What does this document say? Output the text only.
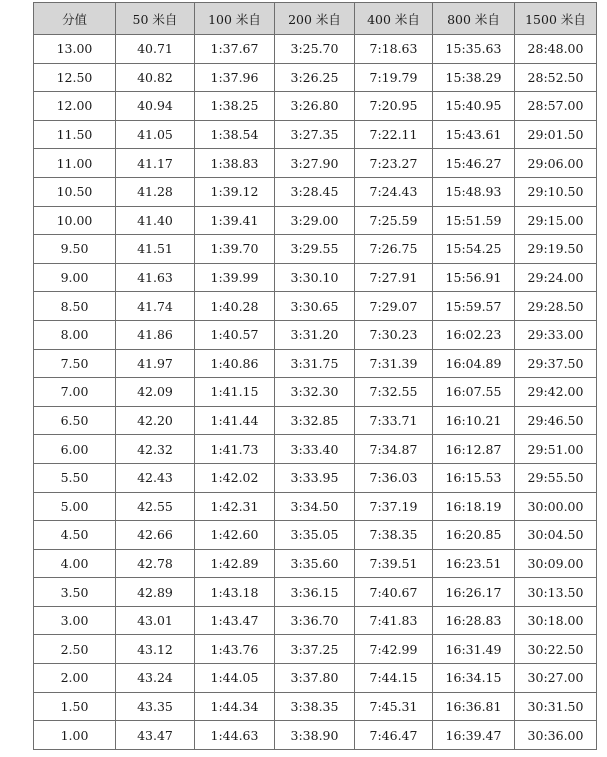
分值	50 米自	100 米自	200 米自	400 米自	800 米自	1500 米自
13.00	40.71	1:37.67	3:25.70	7:18.63	15:35.63	28:48.00
12.50	40.82	1:37.96	3:26.25	7:19.79	15:38.29	28:52.50
12.00	40.94	1:38.25	3:26.80	7:20.95	15:40.95	28:57.00
11.50	41.05	1:38.54	3:27.35	7:22.11	15:43.61	29:01.50
11.00	41.17	1:38.83	3:27.90	7:23.27	15:46.27	29:06.00
10.50	41.28	1:39.12	3:28.45	7:24.43	15:48.93	29:10.50
10.00	41.40	1:39.41	3:29.00	7:25.59	15:51.59	29:15.00
9.50	41.51	1:39.70	3:29.55	7:26.75	15:54.25	29:19.50
9.00	41.63	1:39.99	3:30.10	7:27.91	15:56.91	29:24.00
8.50	41.74	1:40.28	3:30.65	7:29.07	15:59.57	29:28.50
8.00	41.86	1:40.57	3:31.20	7:30.23	16:02.23	29:33.00
7.50	41.97	1:40.86	3:31.75	7:31.39	16:04.89	29:37.50
7.00	42.09	1:41.15	3:32.30	7:32.55	16:07.55	29:42.00
6.50	42.20	1:41.44	3:32.85	7:33.71	16:10.21	29:46.50
6.00	42.32	1:41.73	3:33.40	7:34.87	16:12.87	29:51.00
5.50	42.43	1:42.02	3:33.95	7:36.03	16:15.53	29:55.50
5.00	42.55	1:42.31	3:34.50	7:37.19	16:18.19	30:00.00
4.50	42.66	1:42.60	3:35.05	7:38.35	16:20.85	30:04.50
4.00	42.78	1:42.89	3:35.60	7:39.51	16:23.51	30:09.00
3.50	42.89	1:43.18	3:36.15	7:40.67	16:26.17	30:13.50
3.00	43.01	1:43.47	3:36.70	7:41.83	16:28.83	30:18.00
2.50	43.12	1:43.76	3:37.25	7:42.99	16:31.49	30:22.50
2.00	43.24	1:44.05	3:37.80	7:44.15	16:34.15	30:27.00
1.50	43.35	1:44.34	3:38.35	7:45.31	16:36.81	30:31.50
1.00	43.47	1:44.63	3:38.90	7:46.47	16:39.47	30:36.00
